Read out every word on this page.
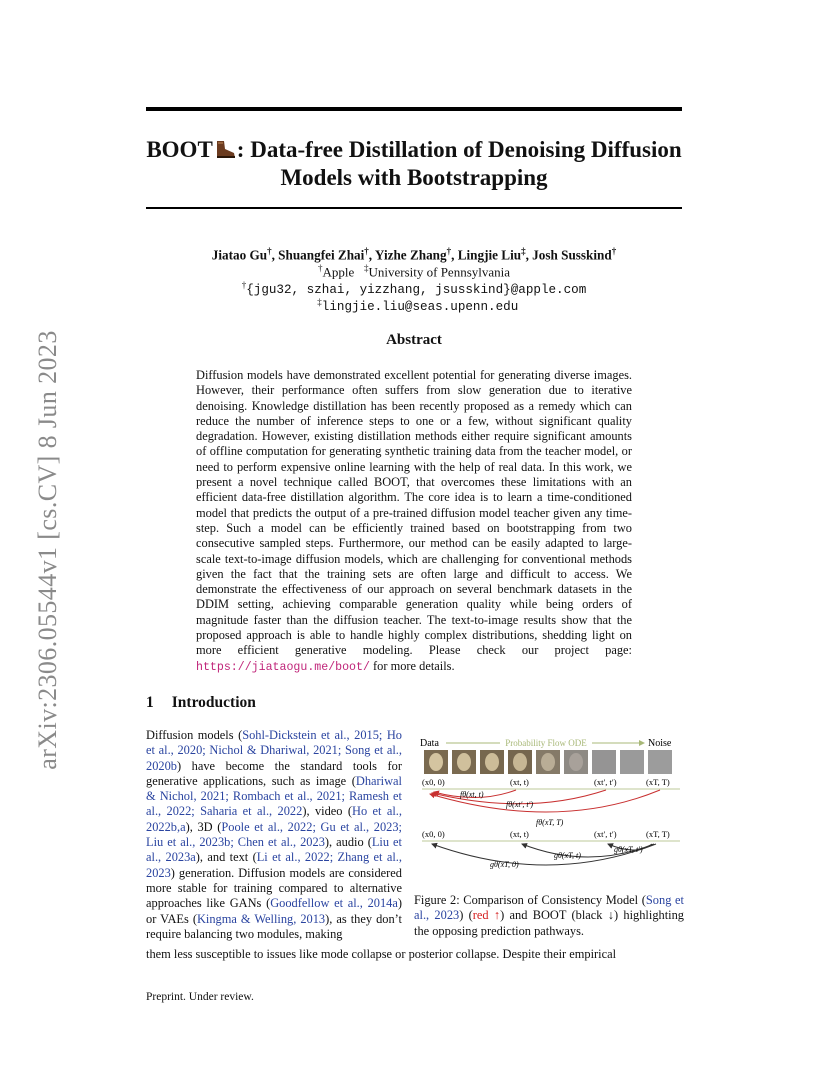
BOOT : Data-free Distillation of Denoising Diffusion Models with Bootstrapping
Jiatao Gu†, Shuangfei Zhai†, Yizhe Zhang†, Lingjie Liu‡, Josh Susskind†
†Apple ‡University of Pennsylvania
†{jgu32, szhai, yizzhang, jsusskind}@apple.com  ‡lingjie.liu@seas.upenn.edu
arXiv:2306.05544v1 [cs.CV] 8 Jun 2023	Abstract
Diffusion models have demonstrated excellent potential for generating diverse images. However, their performance often suffers from slow generation due to iterative denoising. Knowledge distillation has been recently proposed as a remedy which can reduce the number of inference steps to one or a few, without significant quality degradation. However, existing distillation methods either require significant amounts of offline computation for generating synthetic training data from the teacher model, or need to perform expensive online learning with the help of real data. In this work, we present a novel technique called BOOT, that overcomes these limitations with an efficient data-free distillation algorithm. The core idea is to learn a time-conditioned model that predicts the output of a pre-trained diffusion model teacher given any time-step. Such a model can be efficiently trained based on bootstrapping from two consecutive sampled steps. Furthermore, our method can be easily adapted to large-scale text-to-image diffusion models, which are challenging for conventional methods given the fact that the training sets are often large and difficult to access. We demonstrate the effectiveness of our approach on several benchmark datasets in the DDIM setting, achieving comparable generation quality while being orders of magnitude faster than the diffusion teacher. The text-to-image results show that the proposed approach is able to handle highly complex distributions, shedding light on more efficient generative modeling. Please check our project page: https://jiataogu.me/boot/ for more details.
1 Introduction
Diffusion models (Sohl-Dickstein et al., 2015; Ho et al., 2020; Nichol & Dhariwal, 2021; Song et al., 2020b) have become the standard tools for generative applications, such as image (Dhariwal & Nichol, 2021; Rombach et al., 2021; Ramesh et al., 2022; Saharia et al., 2022), video (Ho et al., 2022b,a), 3D (Poole et al., 2022; Gu et al., 2023; Liu et al., 2023b; Chen et al., 2023), audio (Liu et al., 2023a), and text (Li et al., 2022; Zhang et al., 2023) generation. Diffusion models are considered more stable for training compared to alternative approaches like GANs (Goodfellow et al., 2014a) or VAEs (Kingma & Welling, 2013), as they don’t require balancing two modules, making
them less susceptible to issues like mode collapse or posterior collapse. Despite their empirical
Data	Probability Flow ODE	Noise
(x0, 0)	(xt, t)	(xt′, t′)	(xT, T)
fθ(xt, t)
fθ(xt′, t′)
fθ(xT, T)
(x0, 0)	(xt, t)	(xt′, t′)	(xT, T)
gθ(xT, t′)
gθ(xT, t)
gθ(xT, 0)
Figure 2: Comparison of Consistency Model (Song et al., 2023) (red ↑) and BOOT (black ↓) highlighting the opposing prediction pathways.
Preprint. Under review.
